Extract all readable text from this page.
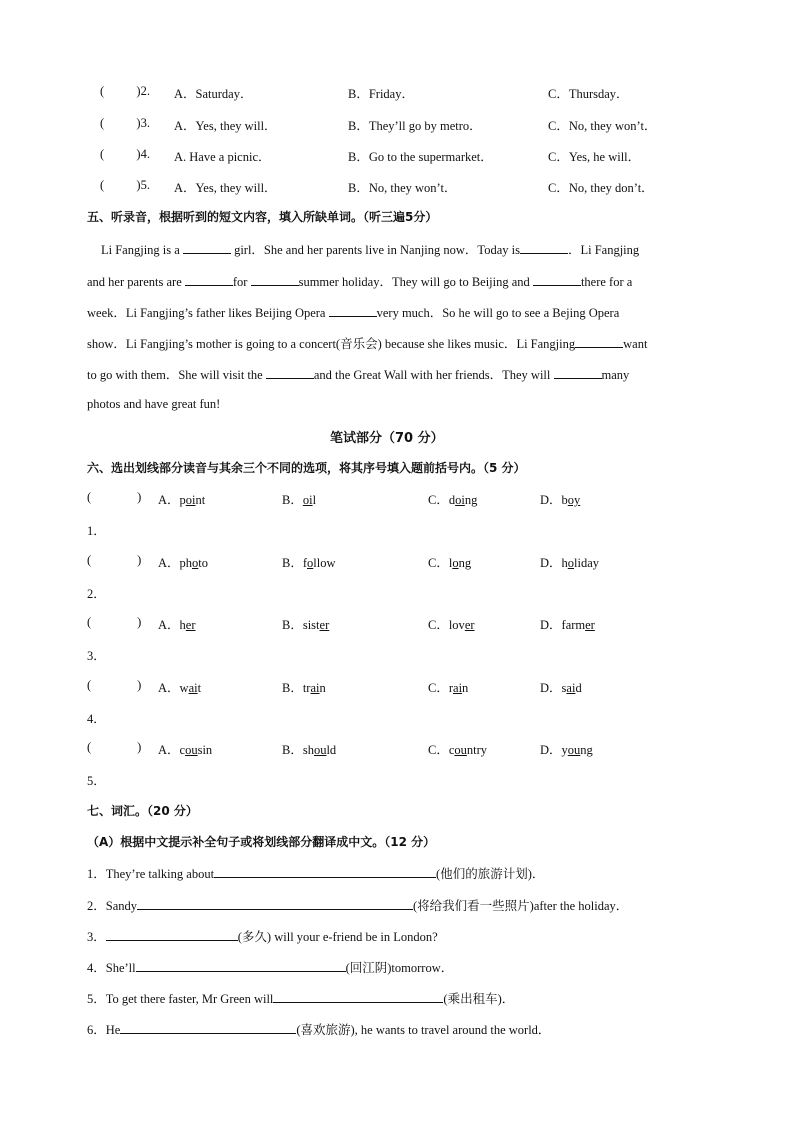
(	)2. A．Saturday．	B．Friday．	C．Thursday．
(	)3. A．Yes, they will．	B．They’ll go by metro．	C．No, they won’t．
(	)4. A. Have a picnic．	B．Go to the supermarket．	C．Yes, he will．
(	)5. A．Yes, they will．	B．No, they won’t．	C．No, they don’t．
五、听录音，根据听到的短文内容，填入所缺单词。（听三遍5分）
Li Fangjing is a	girl．She and her parents live in Nanjing now．Today is	．Li Fangjing
and her parents are	for	summer holiday．They will go to Beijing and	there for a
week．Li Fangjing’s father likes Beijing Opera	very much．So he will go to see a Bejing Opera
show．Li Fangjing’s mother is going to a concert(音乐会) because she likes music．Li Fangjing	want
to go with them．She will visit the	and the Great Wall with her friends．They will	many
photos and have great fun!
笔试部分（70 分）
六、选出划线部分读音与其余三个不同的选项，将其序号填入题前括号内。（5 分）
(	) A．point	B．oil	C．doing	D．boy
1．
(	) A．photo	B．follow	C．long	D．holiday
2．
(	) A．her	B．sister	C．lover	D．farmer
3．
(	) A．wait	B．train	C．rain	D．said
4．
(	) A．cousin	B．should	C．country	D．young
5．
七、词汇。（20 分）
（A）根据中文提示补全句子或将划线部分翻译成中文。（12 分）
1．They’re talking about	(他们的旅游计划)．
2．Sandy	(将给我们看一些照片)after the holiday．
3．	(多久) will your e-friend be in London?
4．She’ll	(回江阴)tomorrow．
5．To get there faster, Mr Green will	(乘出租车)．
6．He	(喜欢旅游), he wants to travel around the world．
